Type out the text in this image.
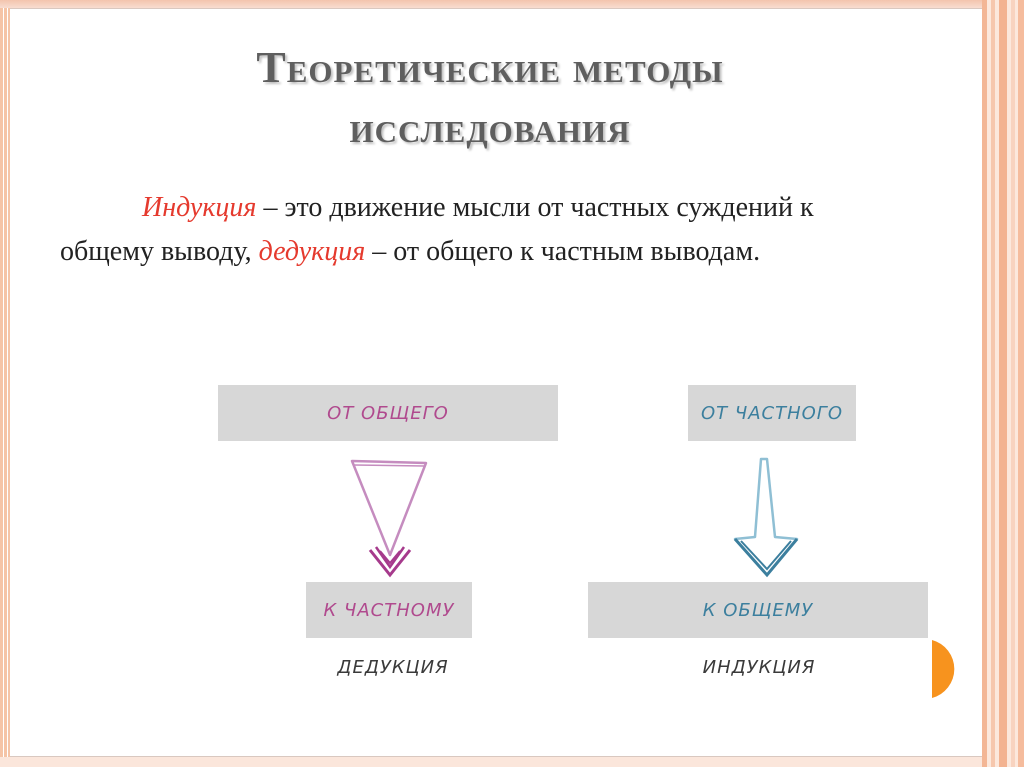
Теоретические методы
исследования

Индукция – это движение мысли от частных суждений к общему выводу, дедукция – от общего к частным выводам.

ОТ ОБЩЕГО
К ЧАСТНОМУ
ДЕДУКЦИЯ
ОТ ЧАСТНОГО
К ОБЩЕМУ
ИНДУКЦИЯ
